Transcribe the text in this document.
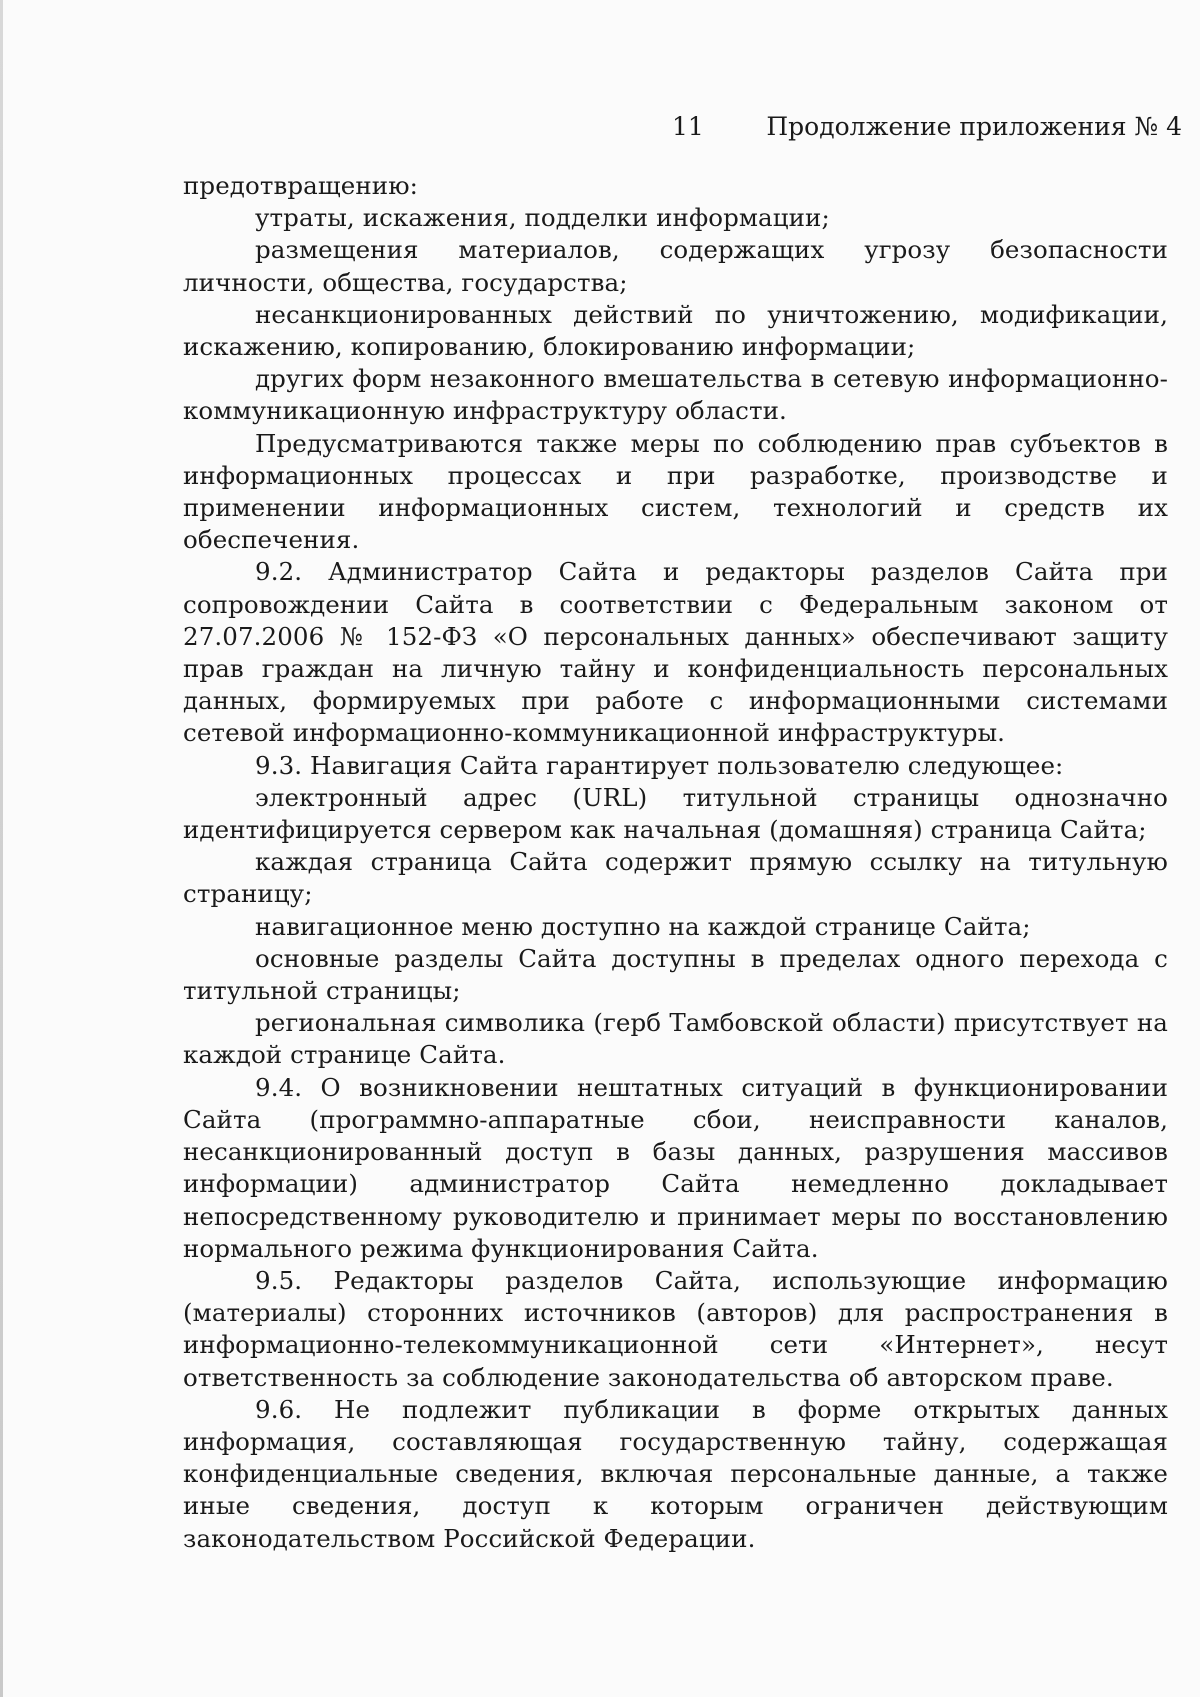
11	Продолжение приложения № 4

предотвращению:

утраты, искажения, подделки информации;

размещения материалов, содержащих угрозу безопасности личности, общества, государства;

несанкционированных действий по уничтожению, модификации, искажению, копированию, блокированию информации;

других форм незаконного вмешательства в сетевую информационно-коммуникационную инфраструктуру области.

Предусматриваются также меры по соблюдению прав субъектов в информационных процессах и при разработке, производстве и применении информационных систем, технологий и средств их обеспечения.

9.2. Администратор Сайта и редакторы разделов Сайта при сопровождении Сайта в соответствии с Федеральным законом от 27.07.2006 № 152-ФЗ «О персональных данных» обеспечивают защиту прав граждан на личную тайну и конфиденциальность персональных данных, формируемых при работе с информационными системами сетевой информационно-коммуникационной инфраструктуры.

9.3. Навигация Сайта гарантирует пользователю следующее:

электронный адрес (URL) титульной страницы однозначно идентифицируется сервером как начальная (домашняя) страница Сайта;

каждая страница Сайта содержит прямую ссылку на титульную страницу;

навигационное меню доступно на каждой странице Сайта;

основные разделы Сайта доступны в пределах одного перехода с титульной страницы;

региональная символика (герб Тамбовской области) присутствует на каждой странице Сайта.

9.4. О возникновении нештатных ситуаций в функционировании Сайта (программно-аппаратные сбои, неисправности каналов, несанкционированный доступ в базы данных, разрушения массивов информации) администратор Сайта немедленно докладывает непосредственному руководителю и принимает меры по восстановлению нормального режима функционирования Сайта.

9.5. Редакторы разделов Сайта, использующие информацию (материалы) сторонних источников (авторов) для распространения в информационно-телекоммуникационной сети «Интернет», несут ответственность за соблюдение законодательства об авторском праве.

9.6. Не подлежит публикации в форме открытых данных информация, составляющая государственную тайну, содержащая конфиденциальные сведения, включая персональные данные, а также иные сведения, доступ к которым ограничен действующим законодательством Российской Федерации.
